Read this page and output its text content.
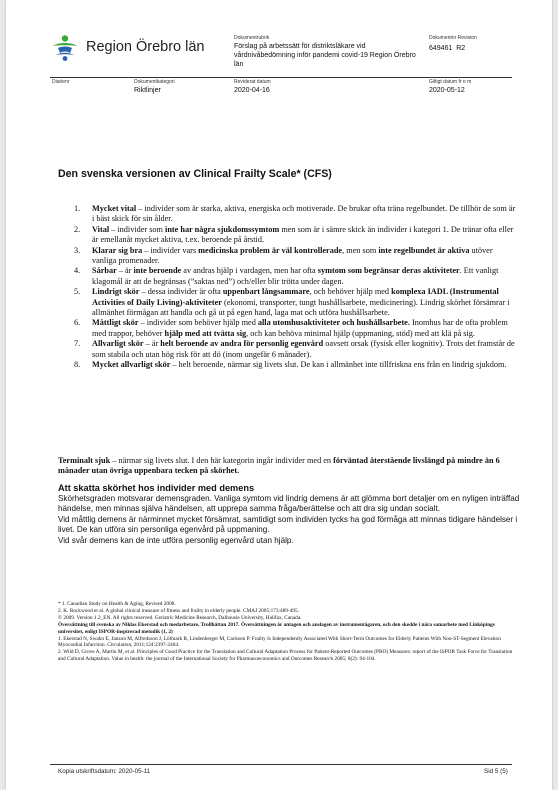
Region Örebro län
Dokumentrubrik
Förslag på arbetssätt för distriktsläkare vid vårdnivåbedömning inför pandemi covid-19 Region Örebro län
Dokumentnr Revision
649461  R2
Diarienr	Dokumentkategori
Riktlinjer
Reviderat datum
2020-04-16
Giltigt datum fr o m
2020-05-12
Den svenska versionen av Clinical Frailty Scale* (CFS)
1. Mycket vital – individer som är starka, aktiva, energiska och motiverade. De brukar ofta träna regelbundet. De tillhör de som är i bäst skick för sin ålder.
2. Vital – individer som inte har några sjukdomssymtom men som är i sämre skick än individer i kategori 1. De tränar ofta eller är emellanåt mycket aktiva, t.ex. beroende på årstid.
3. Klarar sig bra – individer vars medicinska problem är väl kontrollerade, men som inte regelbundet är aktiva utöver vanliga promenader.
4. Sårbar – är inte beroende av andras hjälp i vardagen, men har ofta symtom som begränsar deras aktiviteter. Ett vanligt klagomål är att de begränsas (”saktas ned”) och/eller blir trötta under dagen.
5. Lindrigt skör – dessa individer är ofta uppenbart långsammare, och behöver hjälp med komplexa IADL (Instrumental Activities of Daily Living)-aktiviteter (ekonomi, transporter, tungt hushållsarbete, medicinering). Lindrig skörhet försämrar i allmänhet förmågan att handla och gå ut på egen hand, laga mat och utföra hushållsarbete.
6. Måttligt skör – individer som behöver hjälp med alla utomhusaktiviteter och hushållsarbete. Inomhus har de ofta problem med trappor, behöver hjälp med att tvätta sig, och kan behöva minimal hjälp (uppmaning, stöd) med att klä på sig.
7. Allvarligt skör – är helt beroende av andra för personlig egenvård oavsett orsak (fysisk eller kognitiv). Trots det framstår de som stabila och utan hög risk för att dö (inom ungefär 6 månader).
8. Mycket allvarligt skör – helt beroende, närmar sig livets slut. De kan i allmänhet inte tillfriskna ens från en lindrig sjukdom.
Terminalt sjuk – närmar sig livets slut. I den här kategorin ingår individer med en förväntad återstående livslängd på mindre än 6 månader utan övriga uppenbara tecken på skörhet.
Att skatta skörhet hos individer med demens

Skörhetsgraden motsvarar demensgraden. Vanliga symtom vid lindrig demens är att glömma bort detaljer om en nyligen inträffad händelse, men minnas själva händelsen, att upprepa samma fråga/berättelse och att dra sig undan socialt.

Vid måttlig demens är närminnet mycket försämrat, samtidigt som individen tycks ha god förmåga att minnas tidigare händelser i livet. De kan utföra sin personliga egenvård på uppmaning.

Vid svår demens kan de inte utföra personlig egenvård utan hjälp.

* 1. Canadian Study on Health & Aging, Revised 2008.

2. K. Rockwood et al. A global clinical measure of fitness and frailty in elderly people. CMAJ 2005;173:489-495.

© 2009. Version 1.2_EN. All rights reserved. Geriatric Medicine Research, Dalhousie University, Halifax, Canada.

Översättning till svenska av Niklas Ekerstad och medarbetare, Trollhättan 2017. Översättningen är antagen och anslagen av instrumentägaren, och den skedde i nära samarbete med Linköpings universitet, enligt ISPOR-inspirerad metodik (1, 2)

1. Ekerstad N, Swahn E, Janzon M, Alfredsson J, Löfmark R, Lindenberger M, Carlsson P. Frailty Is Independently Associated With Short-Term Outcomes for Elderly Patients With Non-ST-Segment Elevation Myocardial Infarction. Circulation, 2011;124:2397-2404.

2. Wild D, Grove A, Martin M, et al. Principles of Good Practice for the Translation and Cultural Adaptation Process for Patient-Reported Outcomes (PRO) Measures: report of the ISPOR Task Force for Translation and Cultural Adaptation. Value in health: the journal of the International Society for Pharmacoeconomics and Outcomes Research 2005; 8(2): 94-104.

Kopia utskriftsdatum: 2020-05-11	Sid 5 (5)
